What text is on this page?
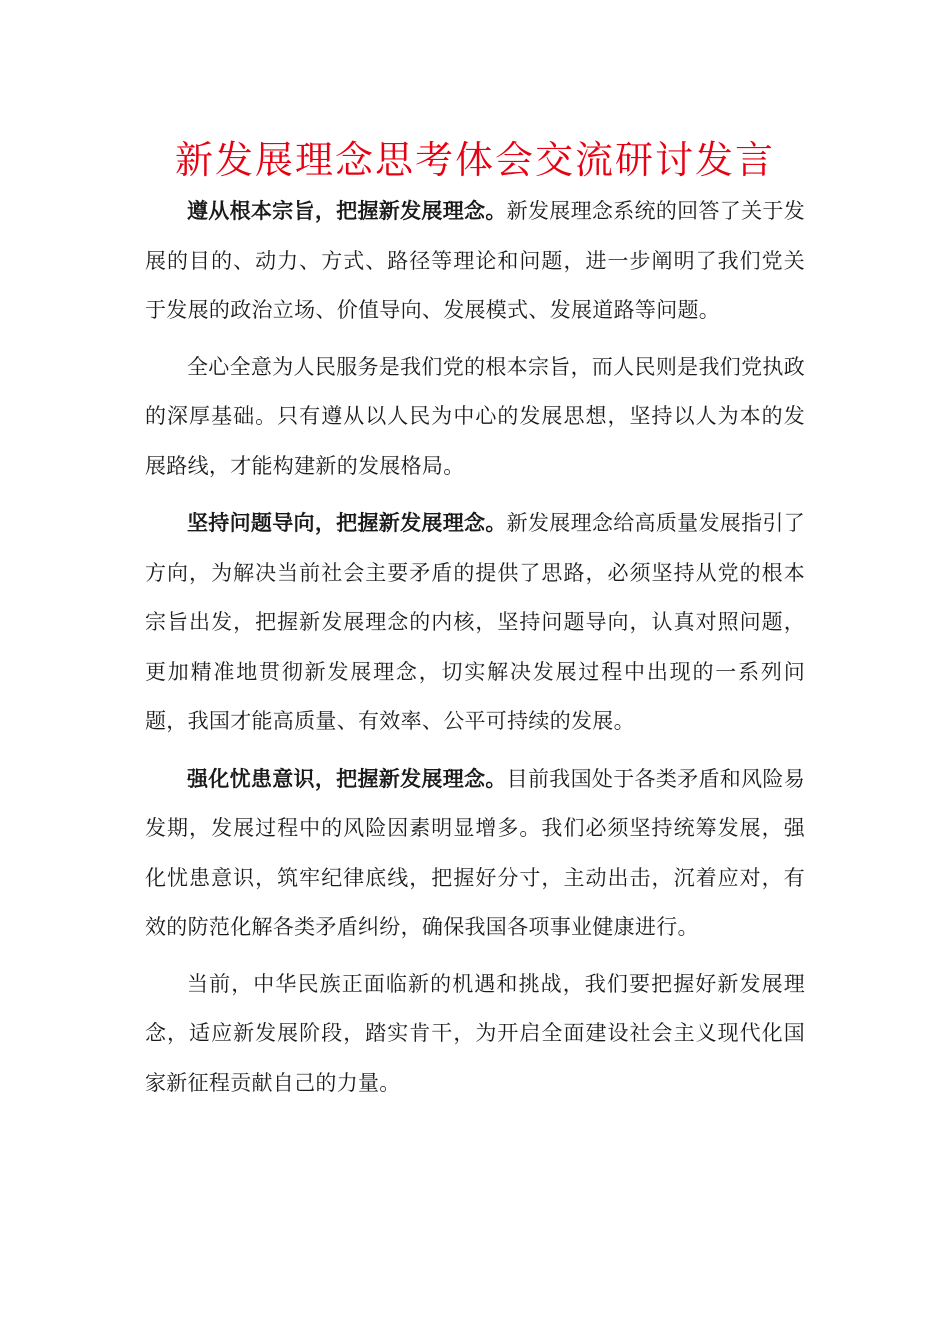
新发展理念思考体会交流研讨发言

遵从根本宗旨，把握新发展理念。新发展理念系统的回答了关于发展的目的、动力、方式、路径等理论和问题，进一步阐明了我们党关于发展的政治立场、价值导向、发展模式、发展道路等问题。

全心全意为人民服务是我们党的根本宗旨，而人民则是我们党执政的深厚基础。只有遵从以人民为中心的发展思想，坚持以人为本的发展路线，才能构建新的发展格局。

坚持问题导向，把握新发展理念。新发展理念给高质量发展指引了方向，为解决当前社会主要矛盾的提供了思路，必须坚持从党的根本宗旨出发，把握新发展理念的内核，坚持问题导向，认真对照问题，更加精准地贯彻新发展理念，切实解决发展过程中出现的一系列问题，我国才能高质量、有效率、公平可持续的发展。

强化忧患意识，把握新发展理念。目前我国处于各类矛盾和风险易发期，发展过程中的风险因素明显增多。我们必须坚持统筹发展，强化忧患意识，筑牢纪律底线，把握好分寸，主动出击，沉着应对，有效的防范化解各类矛盾纠纷，确保我国各项事业健康进行。

当前，中华民族正面临新的机遇和挑战，我们要把握好新发展理念，适应新发展阶段，踏实肯干，为开启全面建设社会主义现代化国家新征程贡献自己的力量。
